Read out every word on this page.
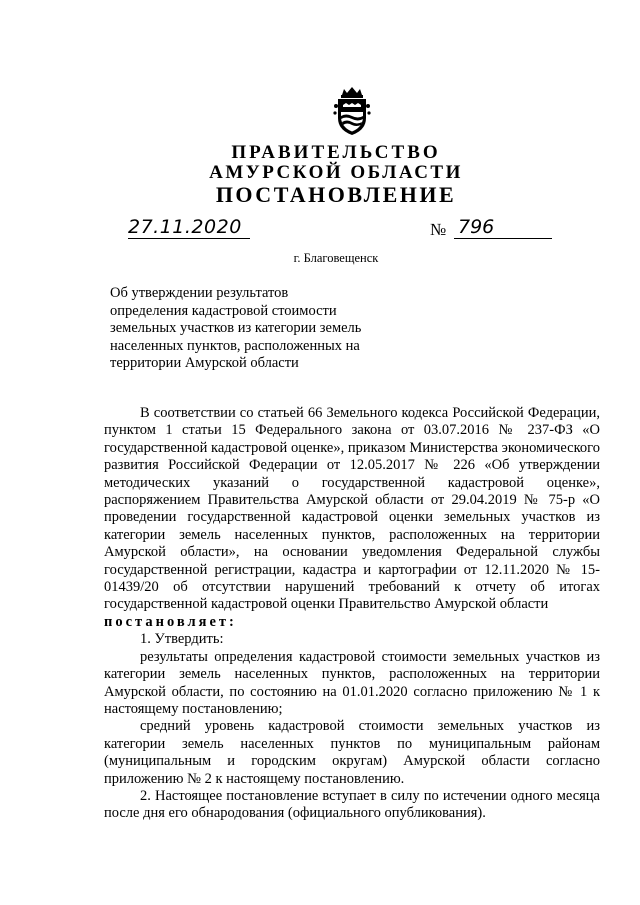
ПРАВИТЕЛЬСТВО
АМУРСКОЙ ОБЛАСТИ
ПОСТАНОВЛЕНИЕ
27.11.2020	№ 796
г. Благовещенск
Об утверждении результатов
определения кадастровой стоимости
земельных участков из категории земель
населенных пунктов, расположенных на
территории Амурской области

В соответствии со статьей 66 Земельного кодекса Российской Федерации, пунктом 1 статьи 15 Федерального закона от 03.07.2016 № 237-ФЗ «О государственной кадастровой оценке», приказом Министерства экономического развития Российской Федерации от 12.05.2017 № 226 «Об утверждении методических указаний о государственной кадастровой оценке», распоряжением Правительства Амурской области от 29.04.2019 № 75-р «О проведении государственной кадастровой оценки земельных участков из категории земель населенных пунктов, расположенных на территории Амурской области», на основании уведомления Федеральной службы государственной регистрации, кадастра и картографии от 12.11.2020 № 15-01439/20 об отсутствии нарушений требований к отчету об итогах государственной кадастровой оценки Правительство Амурской области

постановляет:

1. Утвердить:

результаты определения кадастровой стоимости земельных участков из категории земель населенных пунктов, расположенных на территории Амурской области, по состоянию на 01.01.2020 согласно приложению № 1 к настоящему постановлению;

средний уровень кадастровой стоимости земельных участков из категории земель населенных пунктов по муниципальным районам (муниципальным и городским округам) Амурской области согласно приложению № 2 к настоящему постановлению.

2. Настоящее постановление вступает в силу по истечении одного месяца после дня его обнародования (официального опубликования).
